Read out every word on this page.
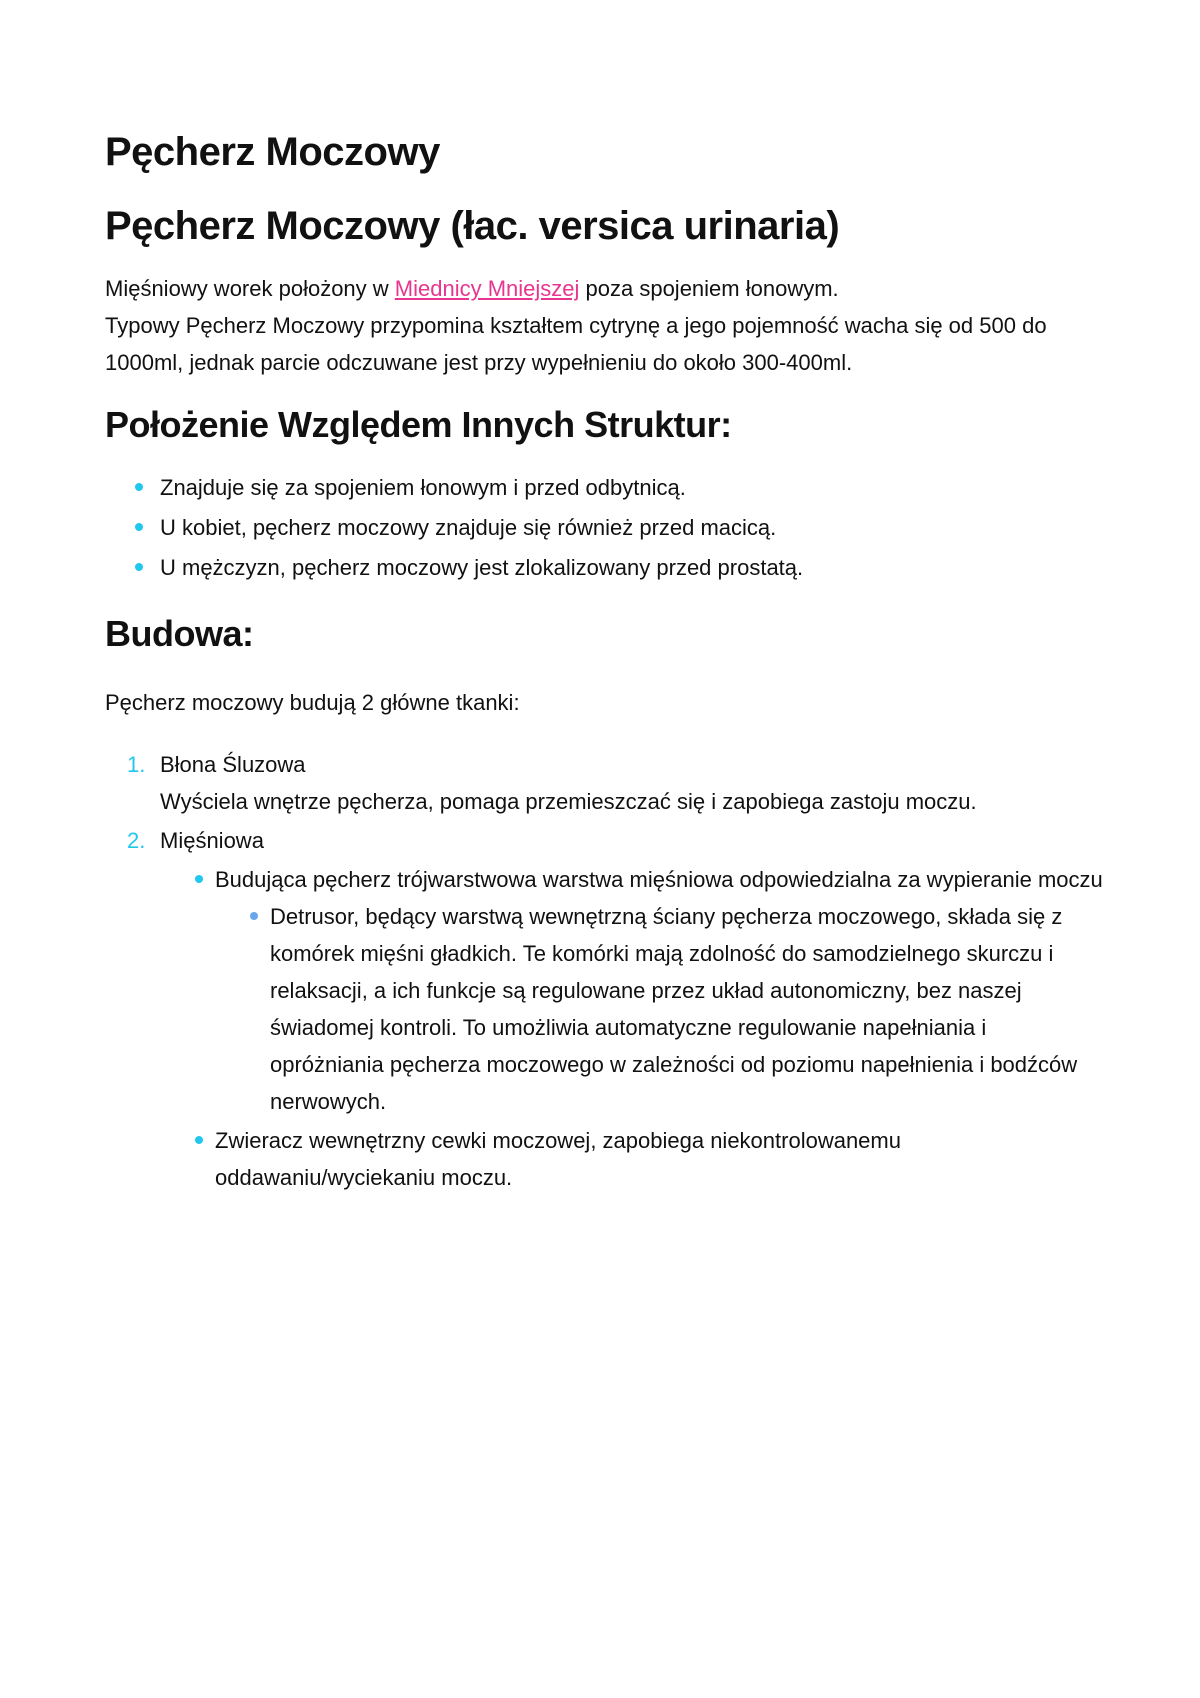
Pęcherz Moczowy
Pęcherz Moczowy (łac. versica urinaria)

Mięśniowy worek położony w Miednicy Mniejszej poza spojeniem łonowym.

Typowy Pęcherz Moczowy przypomina kształtem cytrynę a jego pojemność wacha się od 500 do 1000ml, jednak parcie odczuwane jest przy wypełnieniu do około 300-400ml.

Położenie Względem Innych Struktur:
Znajduje się za spojeniem łonowym i przed odbytnicą.
U kobiet, pęcherz moczowy znajduje się również przed macicą.
U mężczyzn, pęcherz moczowy jest zlokalizowany przed prostatą.
Budowa:

Pęcherz moczowy budują 2 główne tkanki:

1. Błona Śluzowa
Wyściela wnętrze pęcherza, pomaga przemieszczać się i zapobiega zastoju moczu.
2. Mięśniowa
Budująca pęcherz trójwarstwowa warstwa mięśniowa odpowiedzialna za wypieranie moczu
Detrusor, będący warstwą wewnętrzną ściany pęcherza moczowego, składa się z komórek mięśni gładkich. Te komórki mają zdolność do samodzielnego skurczu i relaksacji, a ich funkcje są regulowane przez układ autonomiczny, bez naszej świadomej kontroli. To umożliwia automatyczne regulowanie napełniania i opróżniania pęcherza moczowego w zależności od poziomu napełnienia i bodźców nerwowych.
Zwieracz wewnętrzny cewki moczowej, zapobiega niekontrolowanemu oddawaniu/wyciekaniu moczu.
